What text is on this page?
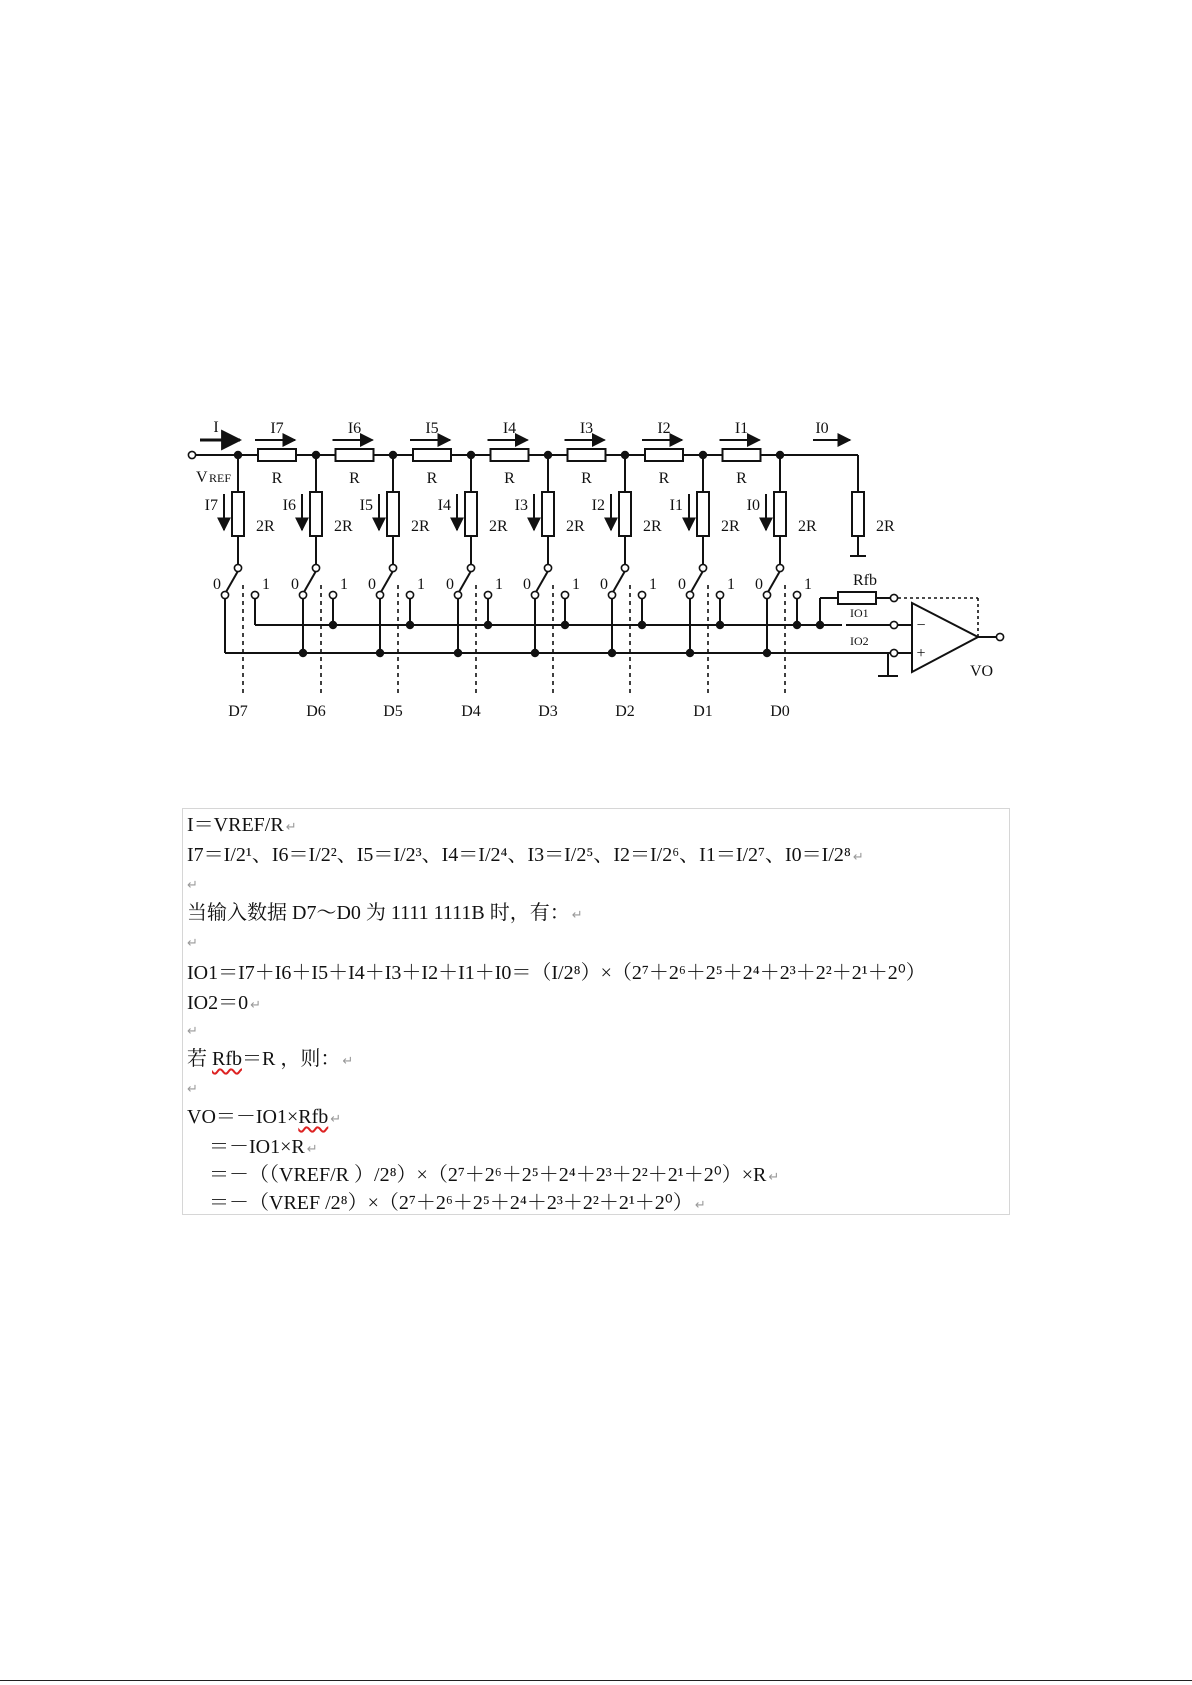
V REF
I	I7
R
I6
R
I5
R
I4
R
I3
R
I2
R
I1
R
I0
2R
2R
I7
0	1
D7
2R
I6
0	1
D6
2R
I5
0	1
D5
2R
I4
0	1
D4
2R
I3
0	1
D3
2R
I2
0	1
D2
2R
I1
0	1
D1
2R
I0
0	1
D0
Rfb
IO1
IO2
−
+
VO
I＝VREF/R ↵
I7＝I/2¹、I6＝I/2²、I5＝I/2³、I4＝I/2⁴、I3＝I/2⁵、I2＝I/2⁶、I1＝I/2⁷、I0＝I/2⁸ ↵
↵
当输入数据 D7～D0 为 1111 1111B 时，有： ↵
↵
IO1＝I7＋I6＋I5＋I4＋I3＋I2＋I1＋I0＝（I/2⁸）×（2⁷＋2⁶＋2⁵＋2⁴＋2³＋2²＋2¹＋2⁰）
IO2＝0 ↵
↵
若 Rfb＝R ，则： ↵
↵
VO＝－IO1×Rfb ↵
＝－IO1×R ↵
＝－（（VREF/R ）/2⁸）×（2⁷＋2⁶＋2⁵＋2⁴＋2³＋2²＋2¹＋2⁰）×R ↵
＝－（VREF /2⁸）×（2⁷＋2⁶＋2⁵＋2⁴＋2³＋2²＋2¹＋2⁰） ↵
